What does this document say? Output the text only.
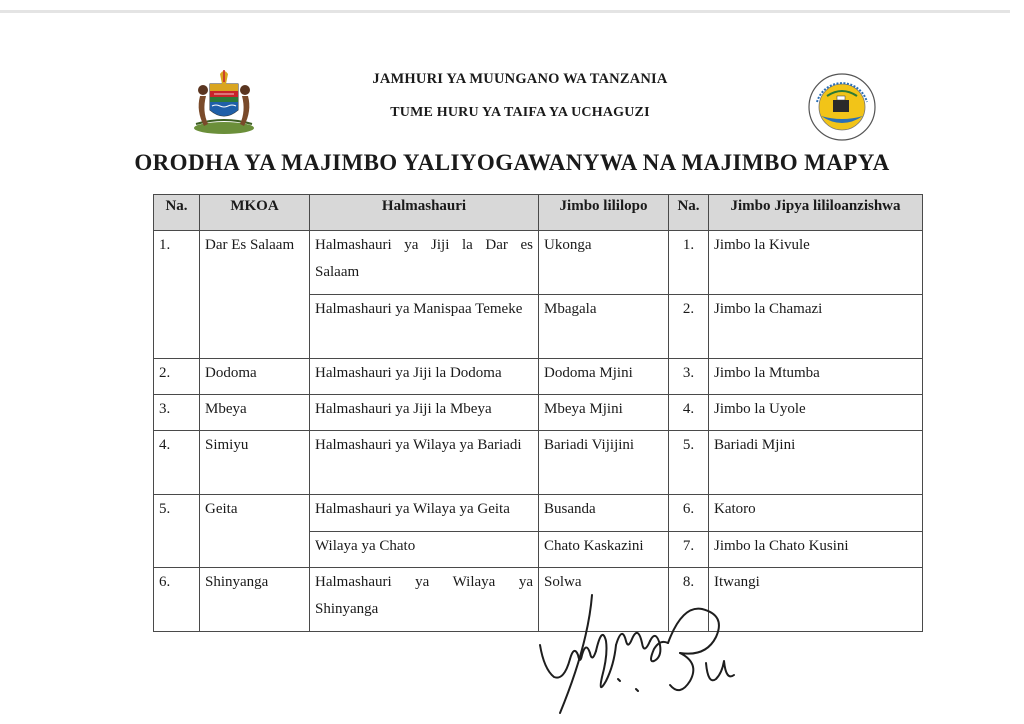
JAMHURI YA MUUNGANO WA TANZANIA
TUME HURU YA TAIFA YA UCHAGUZI
ORODHA YA MAJIMBO YALIYOGAWANYWA NA MAJIMBO MAPYA
Na.	MKOA	Halmashauri	Jimbo lililopo	Na.	Jimbo Jipya lililoanzishwa
1.	Dar Es Salaam	Halmashauri ya Jiji la Dar es Salaam	Ukonga	1.	Jimbo la Kivule
		Halmashauri ya Manispaa Temeke	Mbagala	2.	Jimbo la Chamazi
2.	Dodoma	Halmashauri ya Jiji la Dodoma	Dodoma Mjini	3.	Jimbo la Mtumba
3.	Mbeya	Halmashauri ya Jiji la Mbeya	Mbeya Mjini	4.	Jimbo la Uyole
4.	Simiyu	Halmashauri ya Wilaya ya Bariadi	Bariadi Vijijini	5.	Bariadi Mjini
5.	Geita	Halmashauri ya Wilaya ya Geita	Busanda	6.	Katoro
		Wilaya ya Chato	Chato Kaskazini	7.	Jimbo la Chato Kusini
6.	Shinyanga	Halmashauri ya Wilaya ya Shinyanga	Solwa	8.	Itwangi
